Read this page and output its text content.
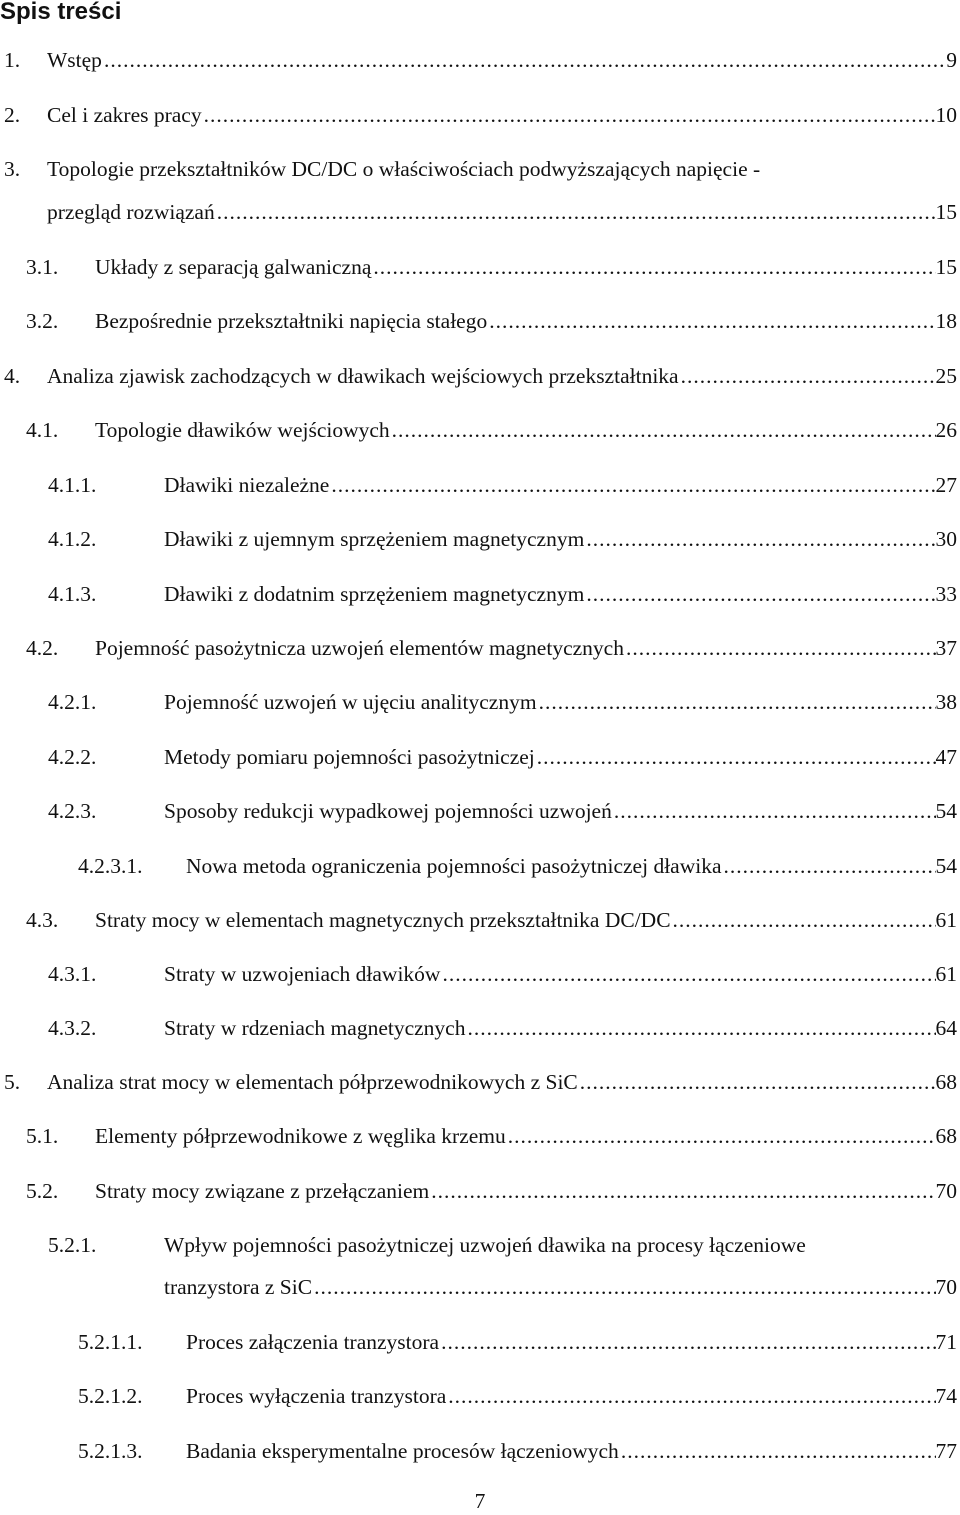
Spis treści
1. Wstęp .....	9
2. Cel i zakres pracy .....	10
3. Topologie przekształtników DC/DC o właściwościach podwyższających napięcie -
przegląd rozwiązań .....	15
3.1. Układy z separacją galwaniczną .....	15
3.2. Bezpośrednie przekształtniki napięcia stałego .....	18
4. Analiza zjawisk zachodzących w dławikach wejściowych przekształtnika .....	25
4.1. Topologie dławików wejściowych .....	26
4.1.1.	Dławiki niezależne .....	27
4.1.2.	Dławiki z ujemnym sprzężeniem magnetycznym .....	30
4.1.3.	Dławiki z dodatnim sprzężeniem magnetycznym .....	33
4.2. Pojemność pasożytnicza uzwojeń elementów magnetycznych .....	37
4.2.1.	Pojemność uzwojeń w ujęciu analitycznym .....	38
4.2.2.	Metody pomiaru pojemności pasożytniczej .....	47
4.2.3.	Sposoby redukcji wypadkowej pojemności uzwojeń .....	54
4.2.3.1. Nowa metoda ograniczenia pojemności pasożytniczej dławika .....	54
4.3. Straty mocy w elementach magnetycznych przekształtnika DC/DC .....	61
4.3.1.	Straty w uzwojeniach dławików .....	61
4.3.2.	Straty w rdzeniach magnetycznych .....	64
5. Analiza strat mocy w elementach półprzewodnikowych z SiC .....	68
5.1. Elementy półprzewodnikowe z węglika krzemu .....	68
5.2. Straty mocy związane z przełączaniem .....	70
5.2.1.	Wpływ pojemności pasożytniczej uzwojeń dławika na procesy łączeniowe
tranzystora z SiC .....	70
5.2.1.1. Proces załączenia tranzystora .....	71
5.2.1.2. Proces wyłączenia tranzystora .....	74
5.2.1.3. Badania eksperymentalne procesów łączeniowych .....	77
7
